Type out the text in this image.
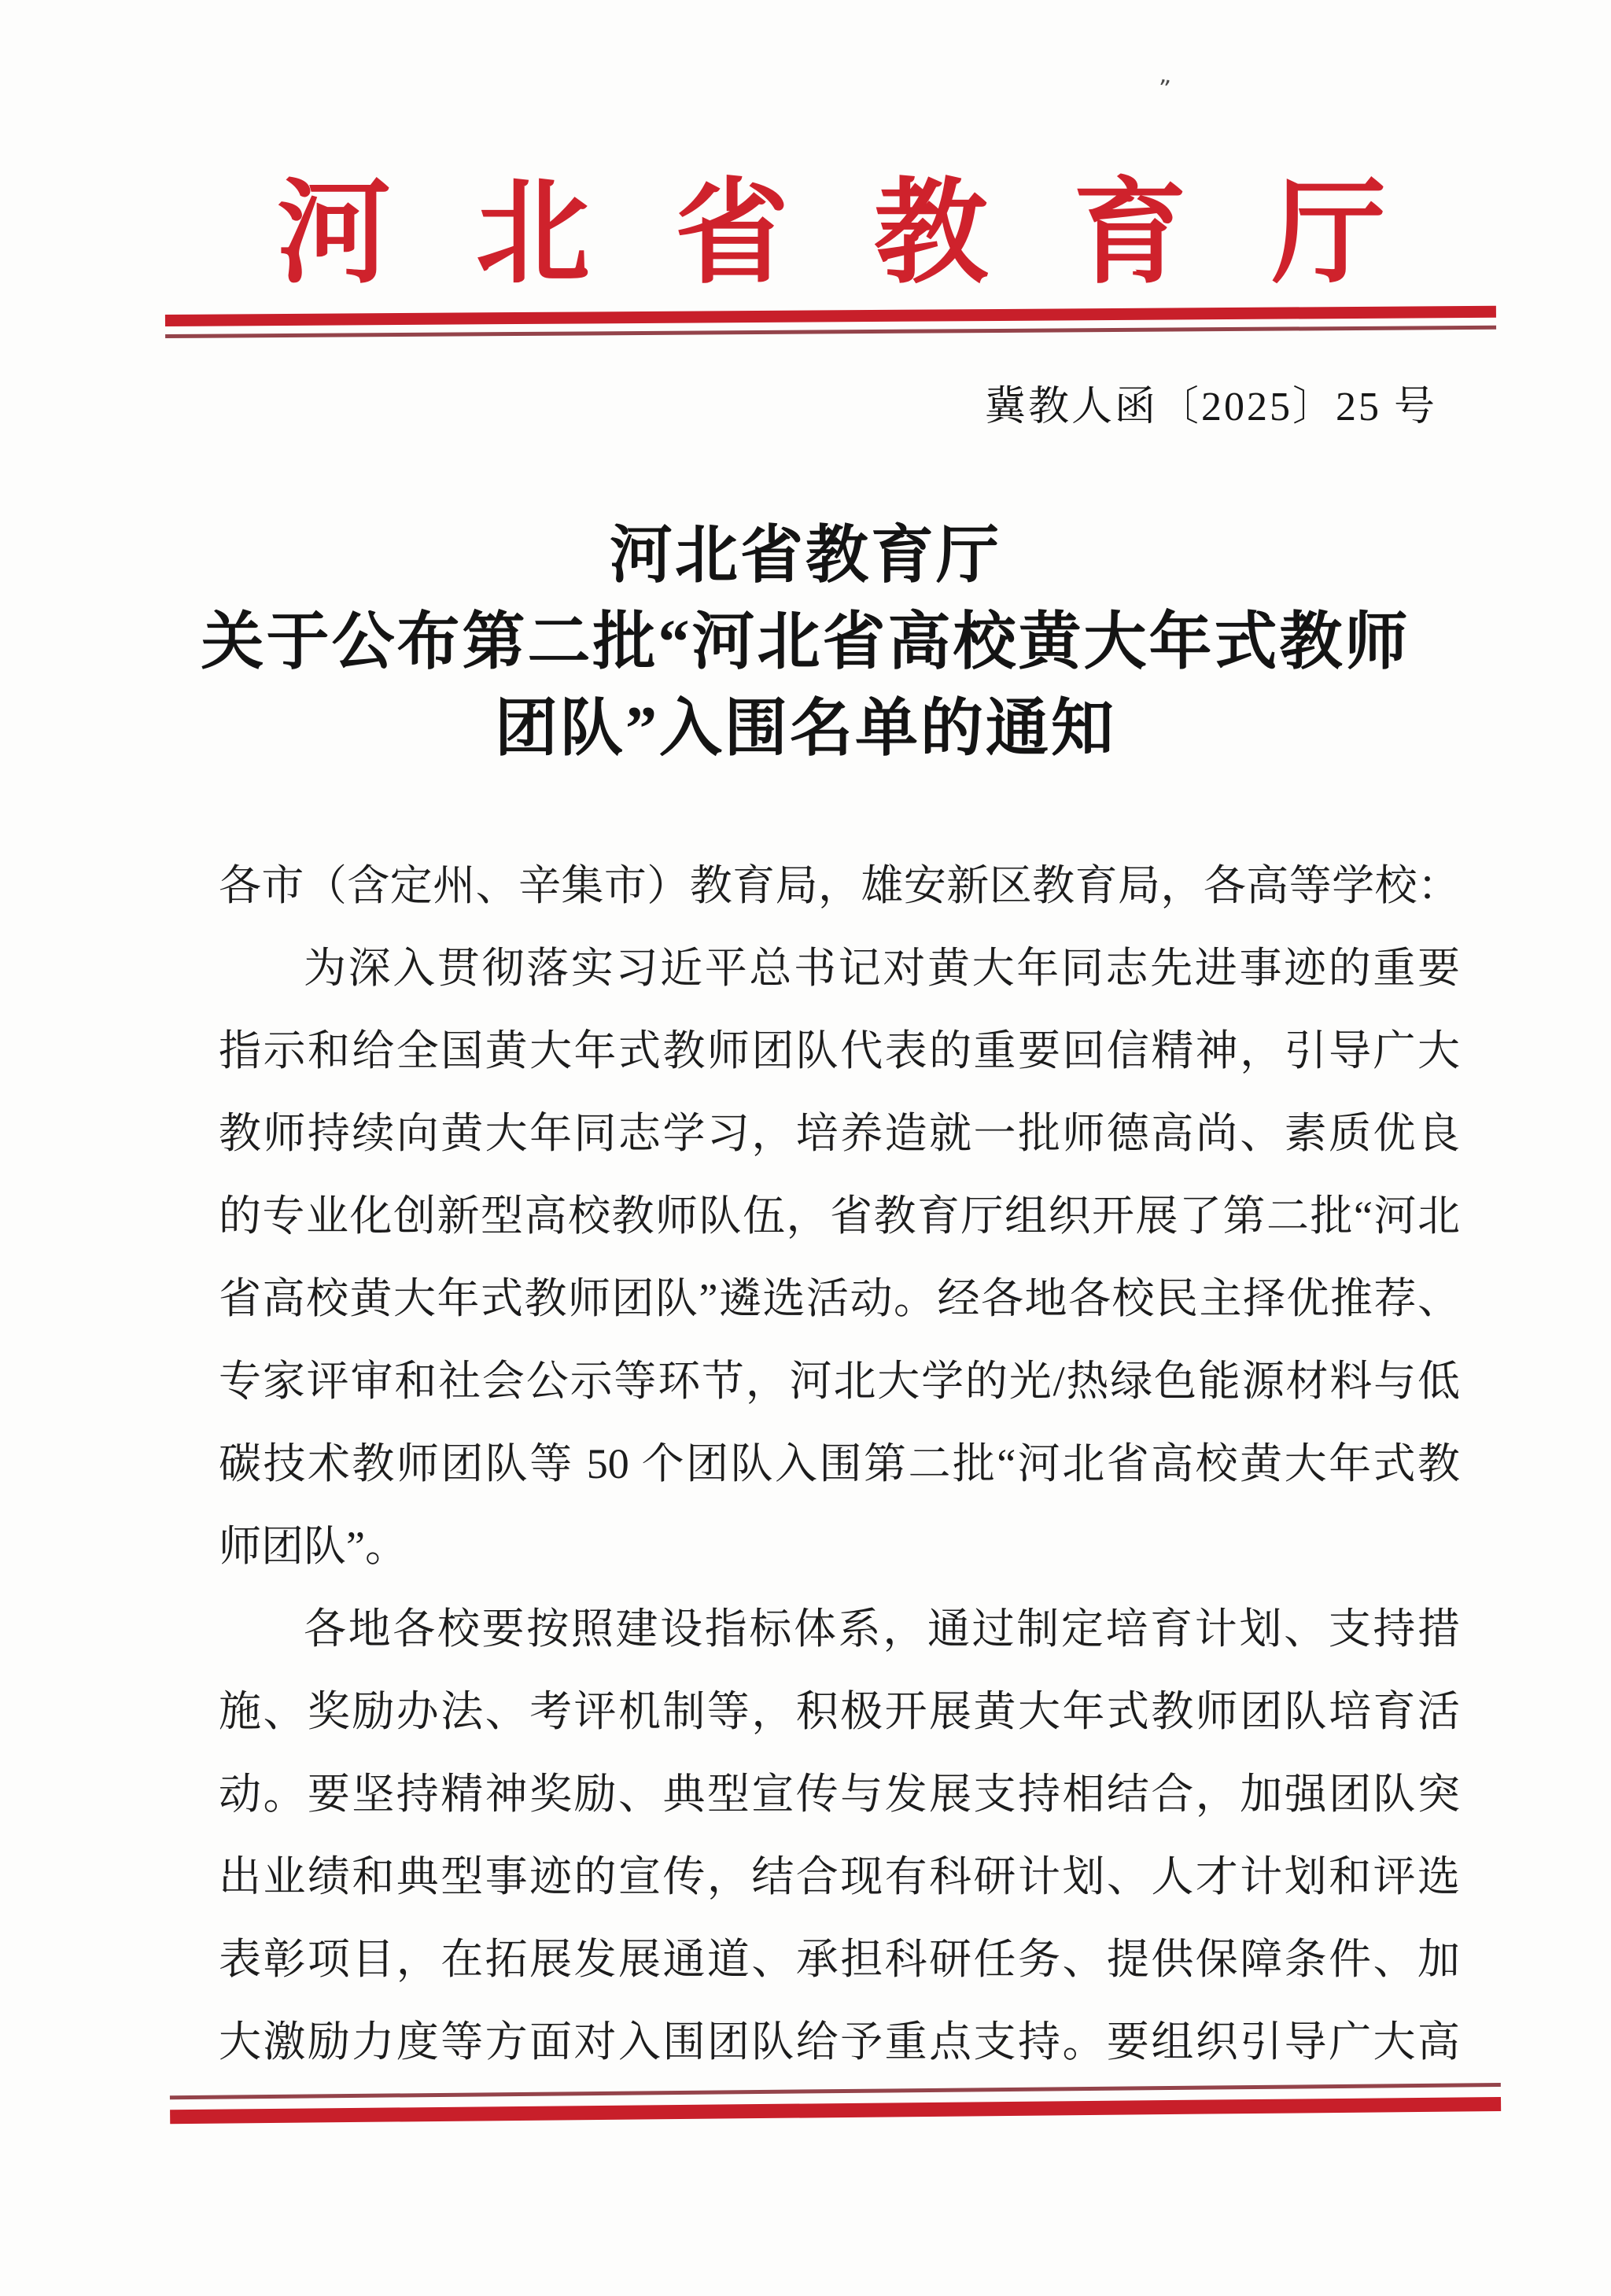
”
河北省教育厅
冀教人函〔2025〕25 号
河北省教育厅
关于公布第二批“河北省高校黄大年式教师
团队”入围名单的通知
各市（含定州、辛集市）教育局，雄安新区教育局，各高等学校：
为深入贯彻落实习近平总书记对黄大年同志先进事迹的重要
指示和给全国黄大年式教师团队代表的重要回信精神，引导广大
教师持续向黄大年同志学习，培养造就一批师德高尚、素质优良
的专业化创新型高校教师队伍，省教育厅组织开展了第二批“河北
省高校黄大年式教师团队”遴选活动。经各地各校民主择优推荐、
专家评审和社会公示等环节，河北大学的光/热绿色能源材料与低
碳技术教师团队等 50 个团队入围第二批“河北省高校黄大年式教
师团队”。
各地各校要按照建设指标体系，通过制定培育计划、支持措
施、奖励办法、考评机制等，积极开展黄大年式教师团队培育活
动。要坚持精神奖励、典型宣传与发展支持相结合，加强团队突
出业绩和典型事迹的宣传，结合现有科研计划、人才计划和评选
表彰项目，在拓展发展通道、承担科研任务、提供保障条件、加
大激励力度等方面对入围团队给予重点支持。要组织引导广大高
